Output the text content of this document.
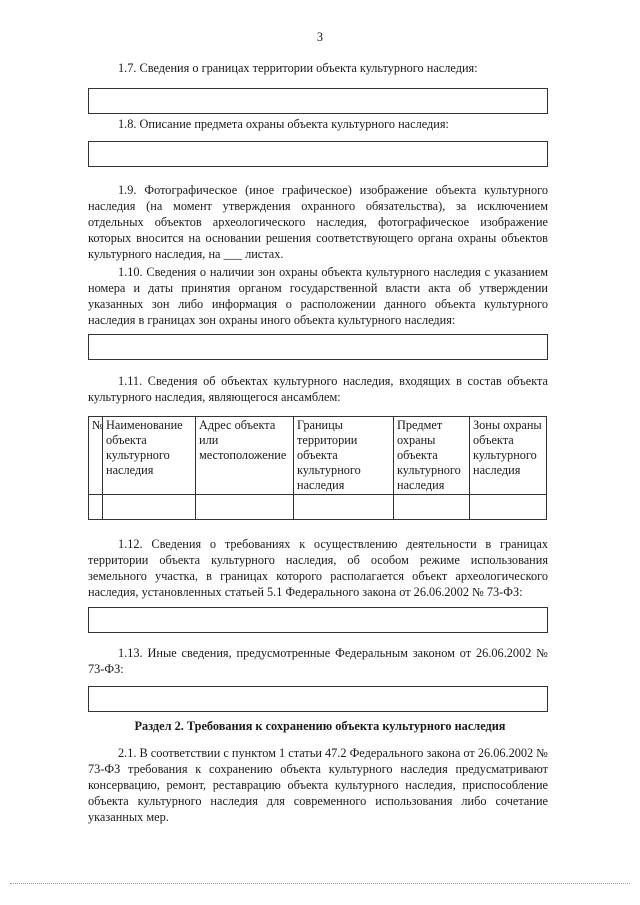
3
1.7. Сведения о границах территории объекта культурного наследия:
1.8. Описание предмета охраны объекта культурного наследия:
1.9. Фотографическое (иное графическое) изображение объекта культурного наследия (на момент утверждения охранного обязательства), за исключением отдельных объектов археологического наследия, фотографическое изображение которых вносится на основании решения соответствующего органа охраны объектов культурного наследия, на ___ листах.
1.10. Сведения о наличии зон охраны объекта культурного наследия с указанием номера и даты принятия органом государственной власти акта об утверждении указанных зон либо информация о расположении данного объекта культурного наследия в границах зон охраны иного объекта культурного наследия:
1.11. Сведения об объектах культурного наследия, входящих в состав объекта культурного наследия, являющегося ансамблем:
№	Наименование объекта культурного наследия	Адрес объекта или местоположение	Границы территории объекта культурного наследия	Предмет охраны объекта культурного наследия	Зоны охраны объекта культурного наследия

1.12. Сведения о требованиях к осуществлению деятельности в границах территории объекта культурного наследия, об особом режиме использования земельного участка, в границах которого располагается объект археологического наследия, установленных статьей 5.1 Федерального закона от 26.06.2002 № 73-ФЗ:
1.13. Иные сведения, предусмотренные Федеральным законом от 26.06.2002 № 73-ФЗ:
Раздел 2. Требования к сохранению объекта культурного наследия
2.1. В соответствии с пунктом 1 статьи 47.2 Федерального закона от 26.06.2002 № 73-ФЗ требования к сохранению объекта культурного наследия предусматривают консервацию, ремонт, реставрацию объекта культурного наследия, приспособление объекта культурного наследия для современного использования либо сочетание указанных мер.
